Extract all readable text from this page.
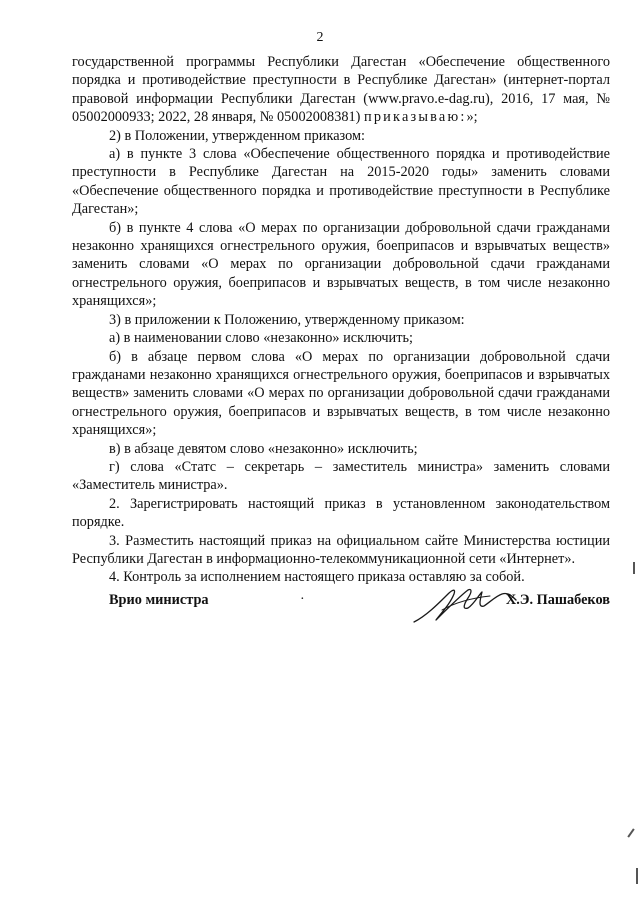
2

государственной программы Республики Дагестан «Обеспечение общественного порядка и противодействие преступности в Республике Дагестан» (интернет-портал правовой информации Республики Дагестан (www.pravo.e-dag.ru), 2016, 17 мая, № 05002000933; 2022, 28 января, № 05002008381) приказываю:»;

2) в Положении, утвержденном приказом:

а) в пункте 3 слова «Обеспечение общественного порядка и противодействие преступности в Республике Дагестан на 2015-2020 годы» заменить словами «Обеспечение общественного порядка и противодействие преступности в Республике Дагестан»;

б) в пункте 4 слова «О мерах по организации добровольной сдачи гражданами незаконно хранящихся огнестрельного оружия, боеприпасов и взрывчатых веществ» заменить словами «О мерах по организации добровольной сдачи гражданами огнестрельного оружия, боеприпасов и взрывчатых веществ, в том числе незаконно хранящихся»;

3) в приложении к Положению, утвержденному приказом:

а) в наименовании слово «незаконно» исключить;

б) в абзаце первом слова «О мерах по организации добровольной сдачи гражданами незаконно хранящихся огнестрельного оружия, боеприпасов и взрывчатых веществ» заменить словами «О мерах по организации добровольной сдачи гражданами огнестрельного оружия, боеприпасов и взрывчатых веществ, в том числе незаконно хранящихся»;

в) в абзаце девятом слово «незаконно» исключить;

г) слова «Статс – секретарь – заместитель министра» заменить словами «Заместитель министра».

2. Зарегистрировать настоящий приказ в установленном законодательством порядке.

3. Разместить настоящий приказ на официальном сайте Министерства юстиции Республики Дагестан в информационно-телекоммуникационной сети «Интернет».

4. Контроль за исполнением настоящего приказа оставляю за собой.

Врио министра	·	Х.Э. Пашабеков
